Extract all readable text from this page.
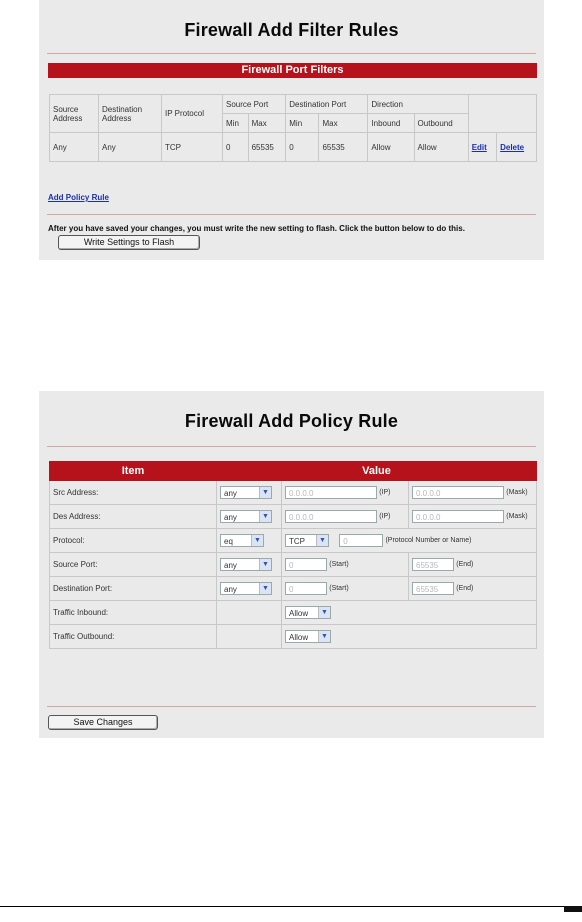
Firewall Add Filter Rules
Firewall Port Filters
Source Address	Destination Address	IP Protocol	Source Port		Destination Port		Direction			
			Min	Max	Min	Max	Inbound	Outbound		
Any	Any	TCP	0	65535	0	65535	Allow	Allow	Edit	Delete
Add Policy Rule
After you have saved your changes, you must write the new setting to flash. Click the button below to do this.
Write Settings to Flash
Firewall Add Policy Rule
Item	Value		
Src Address:	any ▼	0.0.0.0 (IP)	0.0.0.0 (Mask)
Des Address:	any ▼	0.0.0.0 (IP)	0.0.0.0 (Mask)
Protocol:	eq ▼	TCP ▼ 0 (Protocol Number or Name)	
Source Port:	any ▼	0 (Start)	65535 (End)
Destination Port:	any ▼	0 (Start)	65535 (End)
Traffic Inbound:		Allow ▼	

Traffic Outbound:		Allow ▼	
Save Changes
